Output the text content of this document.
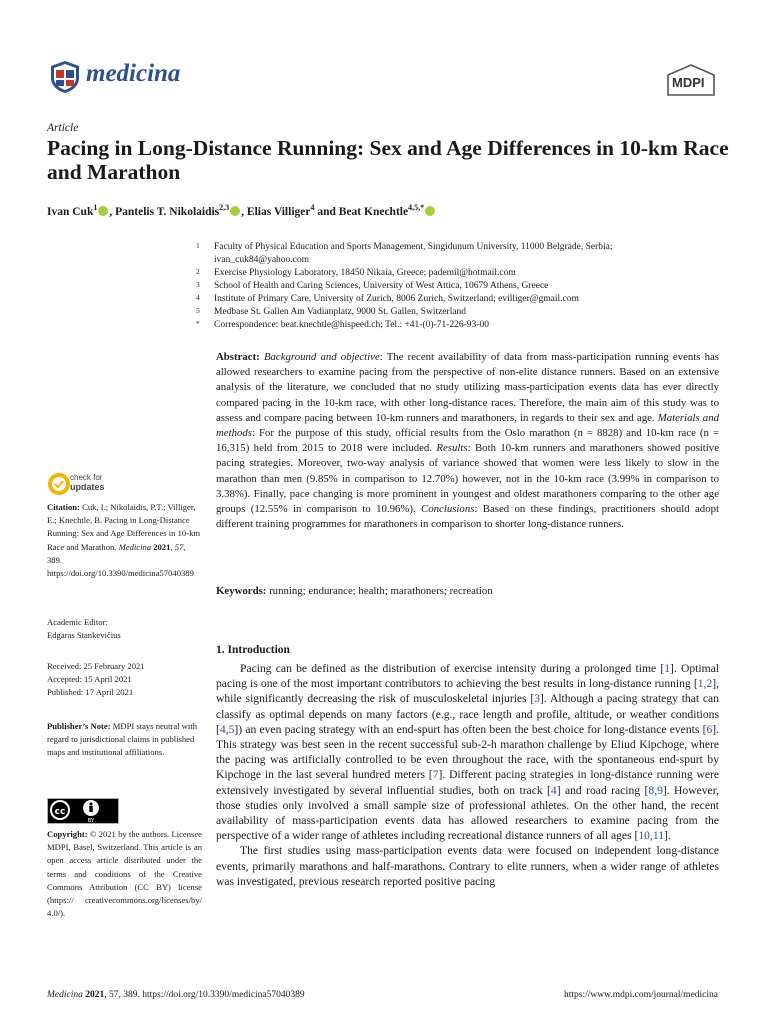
medicina	MDPI
Article
Pacing in Long-Distance Running: Sex and Age Differences in 10-km Race and Marathon
Ivan Cuk$^1$ , Pantelis T. Nikolaidis$^{2,3}$ , Elias Villiger$^4$ and Beat Knechtle$^{4,5,*}$
1 Faculty of Physical Education and Sports Management, Singidunum University, 11000 Belgrade, Serbia;
ivan_cuk84@yahoo.com
2 Exercise Physiology Laboratory, 18450 Nikaia, Greece; pademil@hotmail.com
3 School of Health and Caring Sciences, University of West Attica, 10679 Athens, Greece
4 Institute of Primary Care, University of Zurich, 8006 Zurich, Switzerland; evilliger@gmail.com
5 Medbase St. Gallen Am Vadianplatz, 9000 St. Gallen, Switzerland
* Correspondence: beat.knechtle@hispeed.ch; Tel.: +41-(0)-71-226-93-00
Abstract: Background and objective: The recent availability of data from mass-participation running events has allowed researchers to examine pacing from the perspective of non-elite distance runners. Based on an extensive analysis of the literature, we concluded that no study utilizing mass-participation events data has ever directly compared pacing in the 10-km race, with other long-distance races. Therefore, the main aim of this study was to assess and compare pacing between 10-km runners and marathoners, in regards to their sex and age. Materials and methods: For the purpose of this study, official results from the Oslo marathon (n = 8828) and 10-km race (n = 16,315) held from 2015 to 2018 were included. Results: Both 10-km runners and marathoners showed positive pacing strategies. Moreover, two-way analysis of variance showed that women were less likely to slow in the marathon than men (9.85% in comparison to 12.70%) however, not in the 10-km race (3.99% in comparison to 3.38%). Finally, pace changing is more prominent in youngest and oldest marathoners comparing to the other age groups (12.55% in comparison to 10.96%). Conclusions: Based on these findings, practitioners should adopt different training programmes for marathoners in comparison to shorter long-distance runners.
Keywords: running; endurance; health; marathoners; recreation
check for
updates
Citation: Cuk, I.; Nikolaidis, P.T.; Villiger, E.; Knechtle, B. Pacing in Long-Distance Running: Sex and Age Differences in 10-km Race and Marathon. Medicina 2021, 57, 389. https://doi.org/10.3390/medicina57040389
Academic Editor:
Edgaras Stankevičius
Received: 25 February 2021
Accepted: 15 April 2021
Published: 17 April 2021
Publisher’s Note: MDPI stays neutral with regard to jurisdictional claims in published maps and institutional affiliations.
cc
BY
Copyright: © 2021 by the authors. Licensee MDPI, Basel, Switzerland. This article is an open access article distributed under the terms and conditions of the Creative Commons Attribution (CC BY) license (https:// creativecommons.org/licenses/by/ 4.0/).
1. Introduction

Pacing can be defined as the distribution of exercise intensity during a prolonged time [1]. Optimal pacing is one of the most important contributors to achieving the best results in long-distance running [1,2], while significantly decreasing the risk of musculoskeletal injuries [3]. Although a pacing strategy that can classify as optimal depends on many factors (e.g., race length and profile, altitude, or weather conditions [4,5]) an even pacing strategy with an end-spurt has often been the best choice for long-distance events [6]. This strategy was best seen in the recent successful sub-2-h marathon challenge by Eliud Kipchoge, where the pacing was artificially controlled to be even throughout the race, with the spontaneous end-spurt by Kipchoge in the last several hundred meters [7]. Different pacing strategies in long-distance running were extensively investigated by several influential studies, both on track [4] and road racing [8,9]. However, those studies only involved a small sample size of professional athletes. On the other hand, the recent availability of mass-participation events data has allowed researchers to examine pacing from the perspective of a wider range of athletes including recreational distance runners of all ages [10,11].

The first studies using mass-participation events data were focused on independent long-distance events, primarily marathons and half-marathons. Contrary to elite runners, when a wider range of athletes was investigated, previous research reported positive pacing

Medicina 2021, 57, 389. https://doi.org/10.3390/medicina57040389	https://www.mdpi.com/journal/medicina
